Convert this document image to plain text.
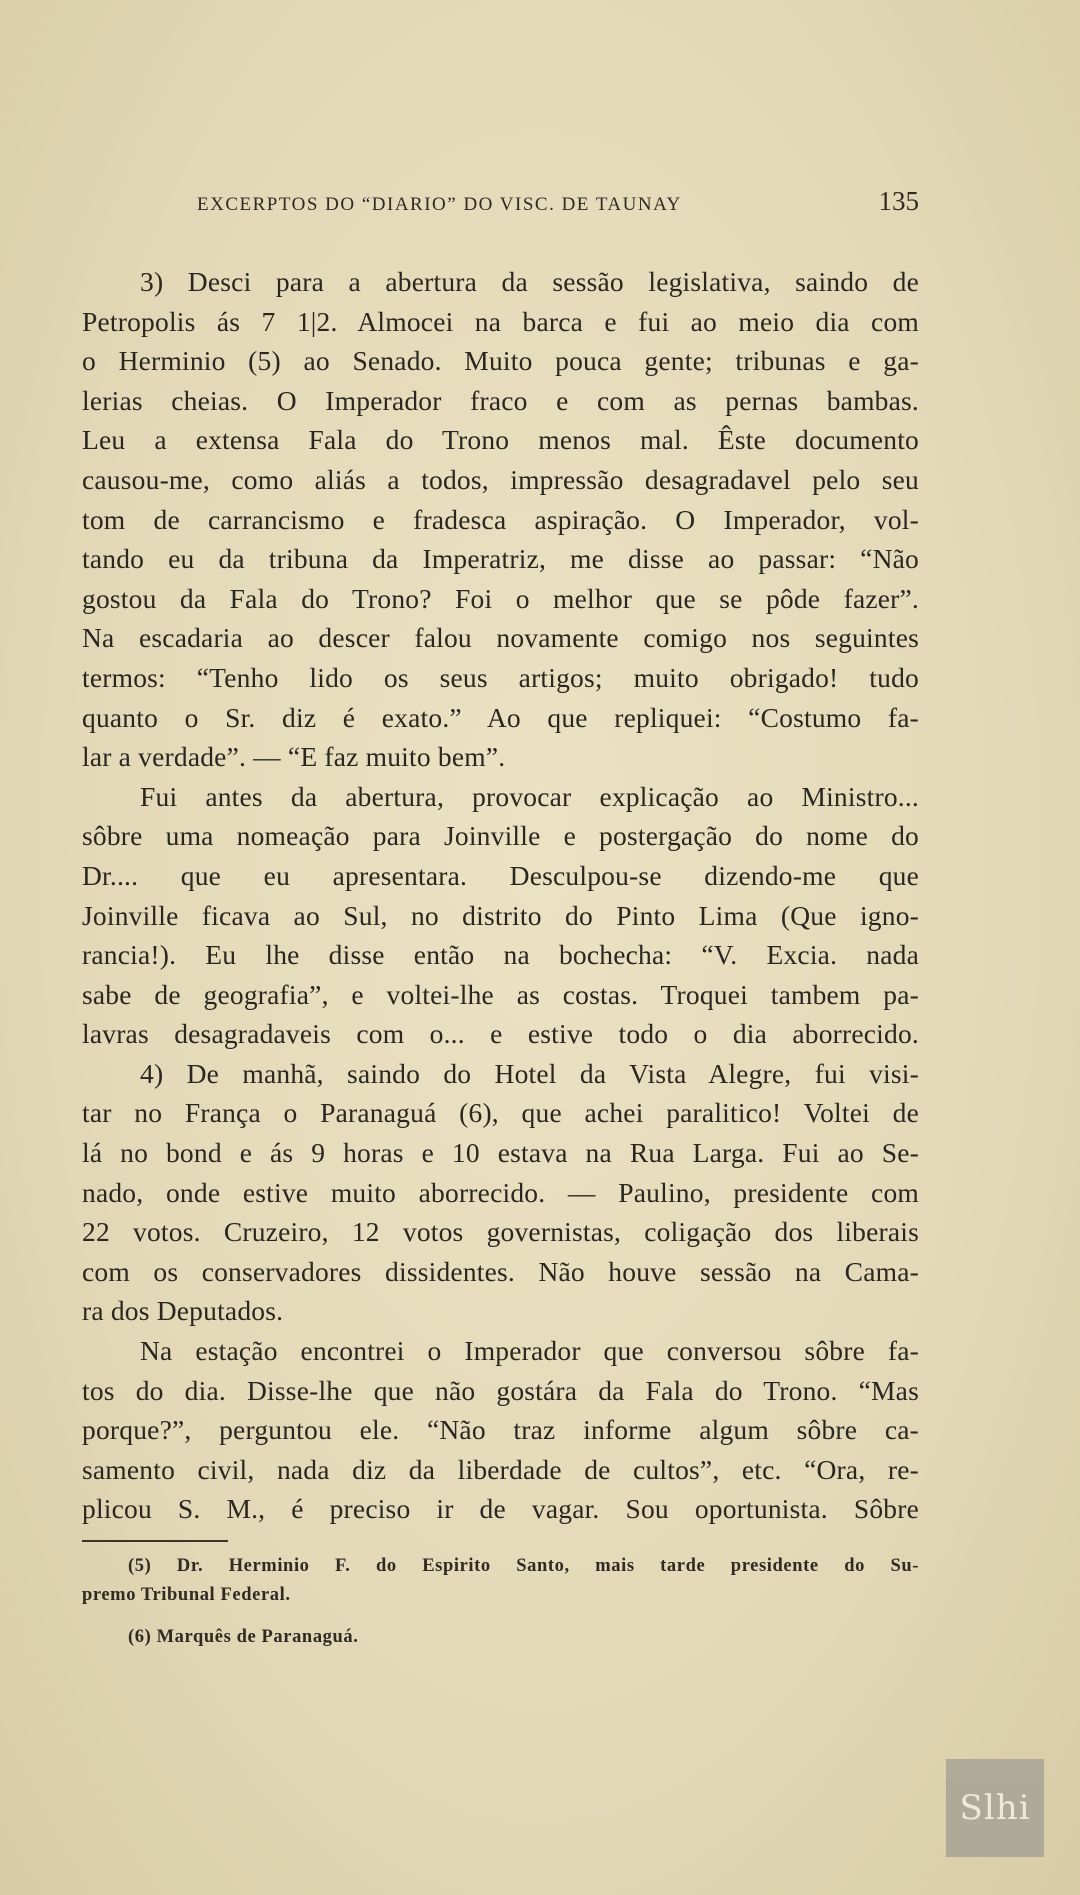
EXCERPTOS DO “DIARIO” DO VISC. DE TAUNAY	135
3) Desci para a abertura da sessão legislativa, saindo de
Petropolis ás 7 1|2. Almocei na barca e fui ao meio dia com
o Herminio (5) ao Senado. Muito pouca gente; tribunas e ga-
lerias cheias. O Imperador fraco e com as pernas bambas.
Leu a extensa Fala do Trono menos mal. Êste documento
causou-me, como aliás a todos, impressão desagradavel pelo seu
tom de carrancismo e fradesca aspiração. O Imperador, vol-
tando eu da tribuna da Imperatriz, me disse ao passar: “Não
gostou da Fala do Trono? Foi o melhor que se pôde fazer”.
Na escadaria ao descer falou novamente comigo nos seguintes
termos: “Tenho lido os seus artigos; muito obrigado! tudo
quanto o Sr. diz é exato.” Ao que repliquei: “Costumo fa-
lar a verdade”. — “E faz muito bem”.
Fui antes da abertura, provocar explicação ao Ministro...
sôbre uma nomeação para Joinville e postergação do nome do
Dr.... que eu apresentara. Desculpou-se dizendo-me que
Joinville ficava ao Sul, no distrito do Pinto Lima (Que igno-
rancia!). Eu lhe disse então na bochecha: “V. Excia. nada
sabe de geografia”, e voltei-lhe as costas. Troquei tambem pa-
lavras desagradaveis com o... e estive todo o dia aborrecido.
4) De manhã, saindo do Hotel da Vista Alegre, fui visi-
tar no França o Paranaguá (6), que achei paralitico! Voltei de
lá no bond e ás 9 horas e 10 estava na Rua Larga. Fui ao Se-
nado, onde estive muito aborrecido. — Paulino, presidente com
22 votos. Cruzeiro, 12 votos governistas, coligação dos liberais
com os conservadores dissidentes. Não houve sessão na Cama-
ra dos Deputados.
Na estação encontrei o Imperador que conversou sôbre fa-
tos do dia. Disse-lhe que não gostára da Fala do Trono. “Mas
porque?”, perguntou ele. “Não traz informe algum sôbre ca-
samento civil, nada diz da liberdade de cultos”, etc. “Ora, re-
plicou S. M., é preciso ir de vagar. Sou oportunista. Sôbre
(5) Dr. Herminio F. do Espirito Santo, mais tarde presidente do Su-
premo Tribunal Federal.
(6) Marquês de Paranaguá.
Slhi
